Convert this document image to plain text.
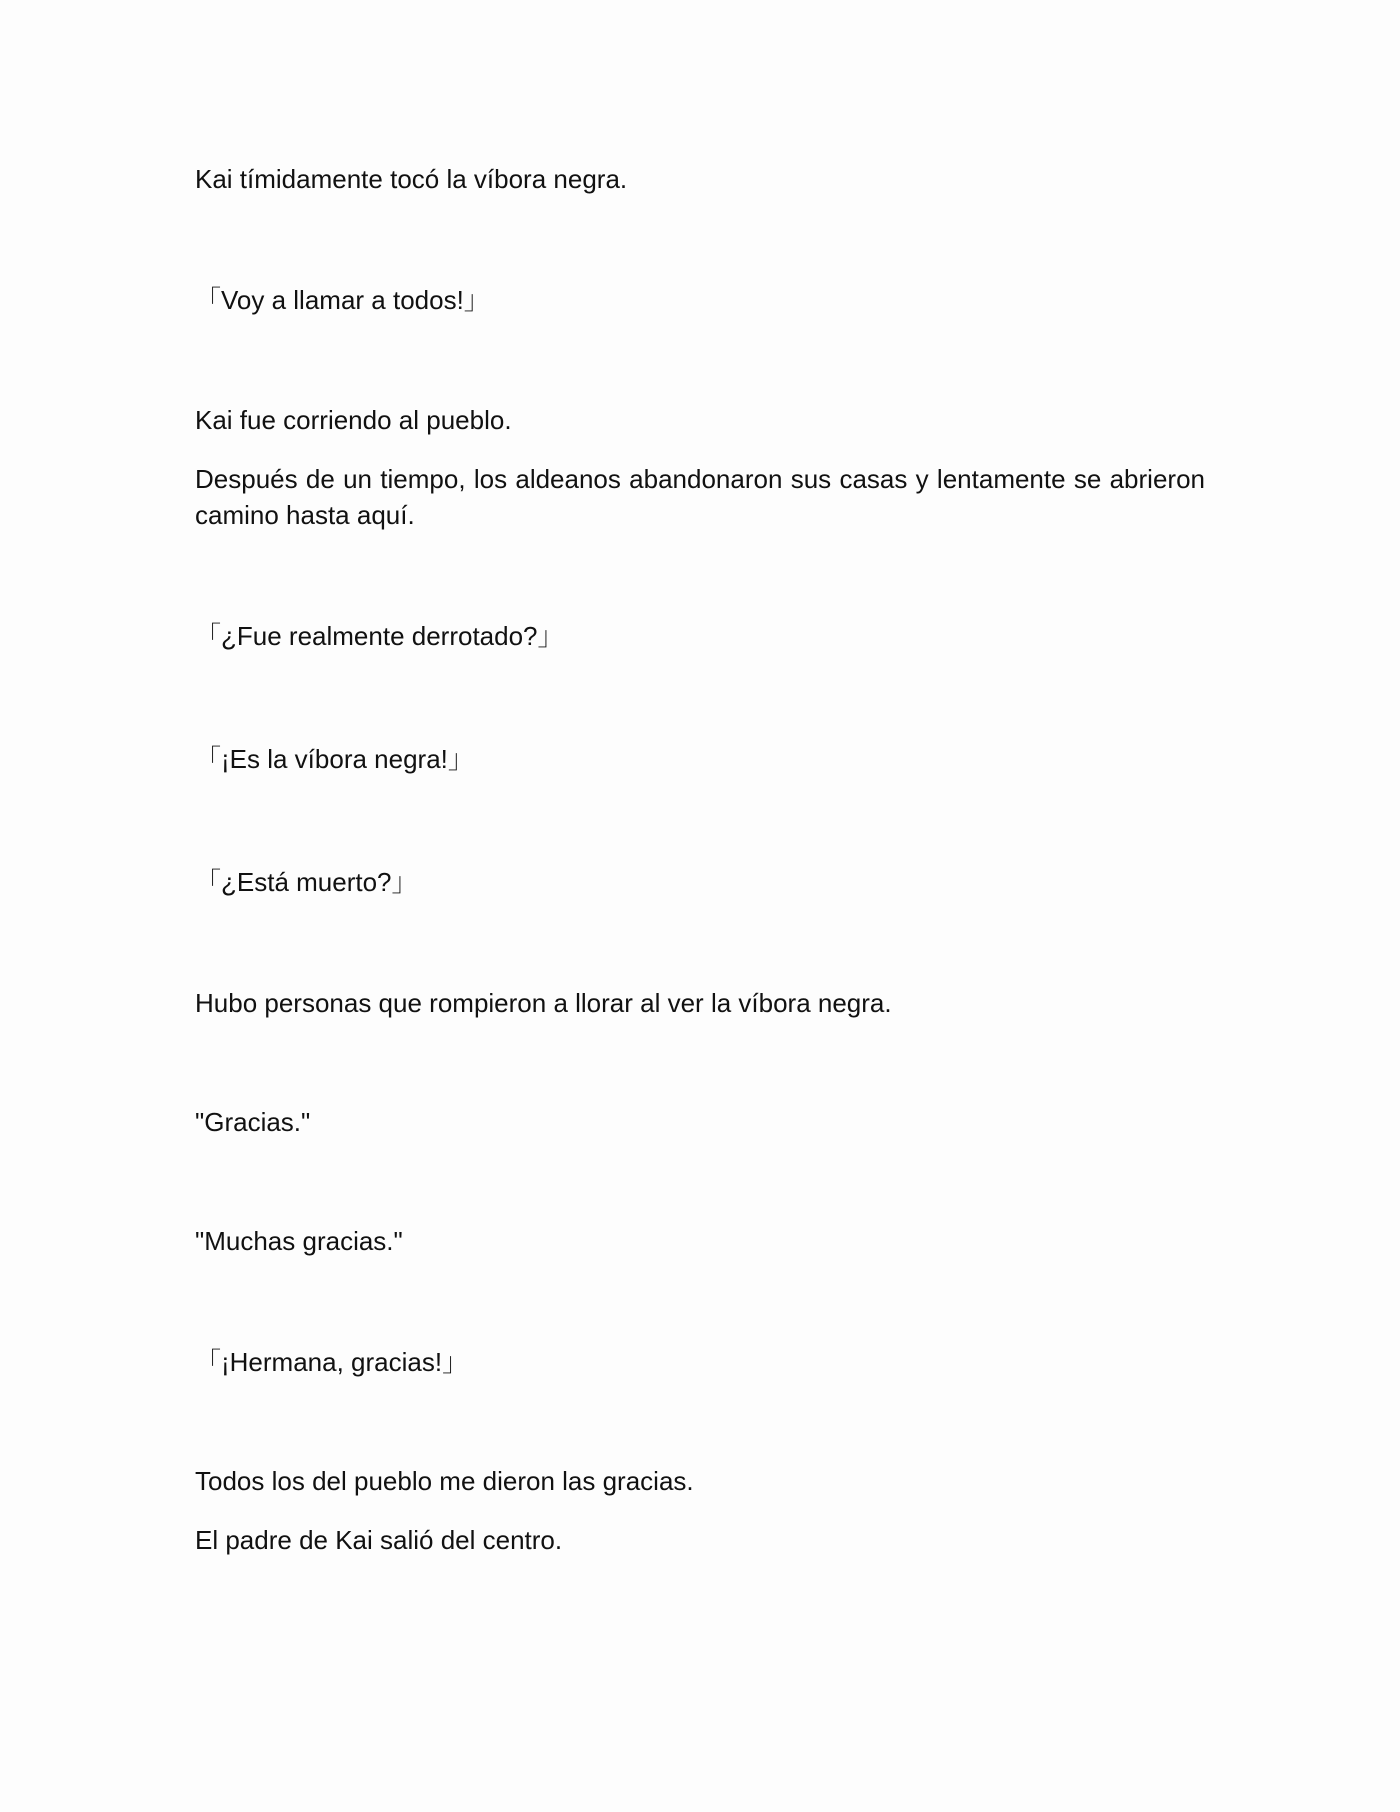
Kai tímidamente tocó la víbora negra.

「Voy a llamar a todos!」

Kai fue corriendo al pueblo.

Después de un tiempo, los aldeanos abandonaron sus casas y lentamente se abrieron camino hasta aquí.

「¿Fue realmente derrotado?」

「¡Es la víbora negra!」

「¿Está muerto?」

Hubo personas que rompieron a llorar al ver la víbora negra.

"Gracias."

"Muchas gracias."

「¡Hermana, gracias!」

Todos los del pueblo me dieron las gracias.

El padre de Kai salió del centro.
